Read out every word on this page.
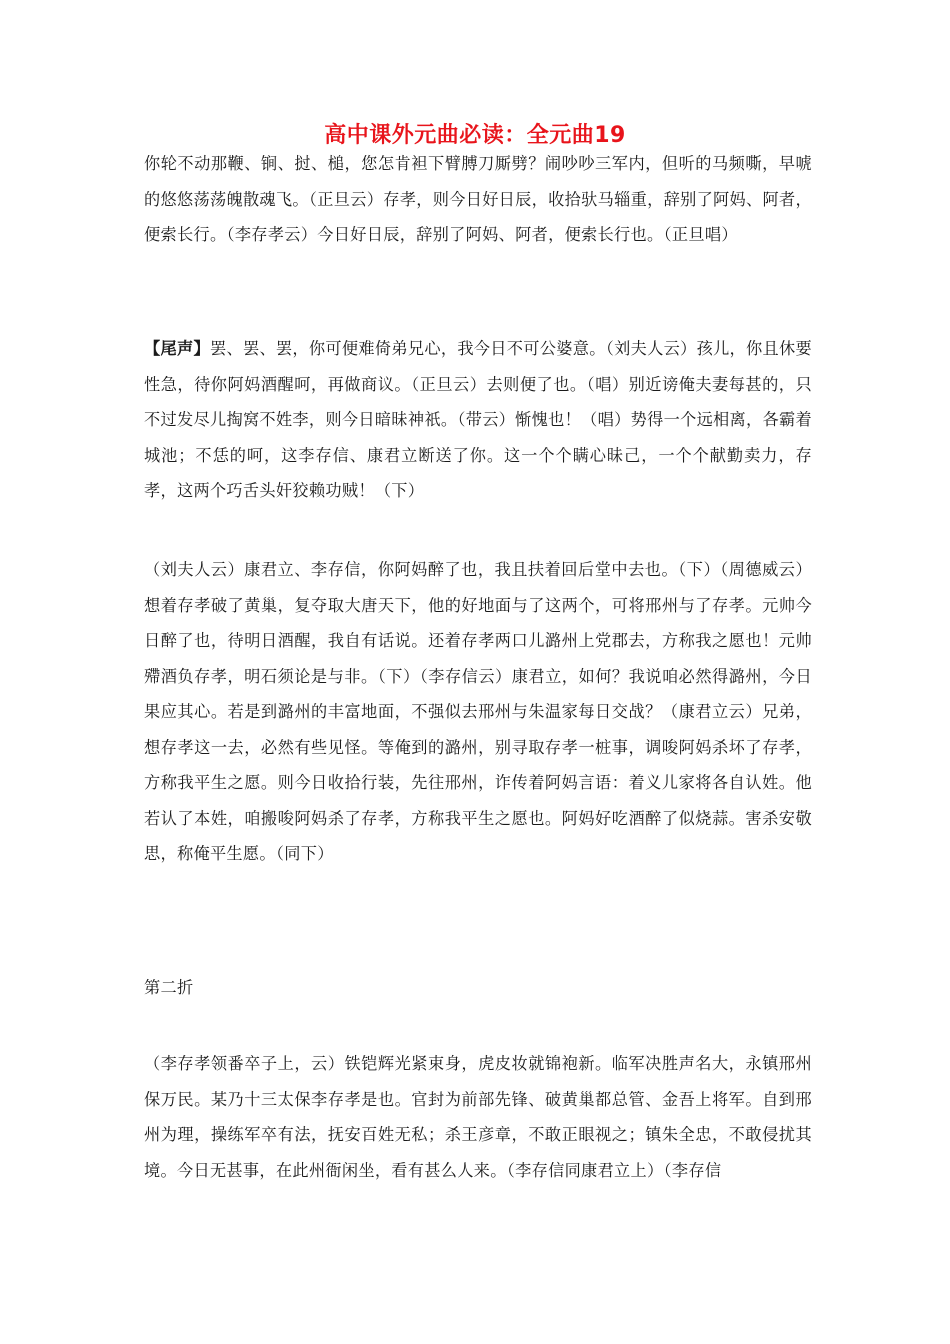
高中课外元曲必读：全元曲19
你轮不动那鞭、锏、挝、槌，您怎肯袒下臂膊刀厮劈？闹吵吵三军内，但听的马频嘶，早唬的悠悠荡荡魄散魂飞。（正旦云）存孝，则今日好日辰，收拾驮马辎重，辞别了阿妈、阿者，便索长行。（李存孝云）今日好日辰，辞别了阿妈、阿者，便索长行也。（正旦唱）
【尾声】罢、罢、罢，你可便难倚弟兄心，我今日不可公婆意。（刘夫人云）孩儿，你且休要性急，待你阿妈酒醒呵，再做商议。（正旦云）去则便了也。（唱）别近谤俺夫妻每甚的，只不过发尽儿掏窝不姓李，则今日暗昧神祇。（带云）惭愧也！（唱）势得一个远相离，各霸着城池；不恁的呵，这李存信、康君立断送了你。这一个个瞒心昧己，一个个献勤卖力，存孝，这两个巧舌头奸狡赖功贼！（下）
（刘夫人云）康君立、李存信，你阿妈醉了也，我且扶着回后堂中去也。（下）（周德威云）想着存孝破了黄巢，复夺取大唐天下，他的好地面与了这两个，可将邢州与了存孝。元帅今日醉了也，待明日酒醒，我自有话说。还着存孝两口儿潞州上党郡去，方称我之愿也！元帅殢酒负存孝，明石须论是与非。（下）（李存信云）康君立，如何？我说咱必然得潞州，今日果应其心。若是到潞州的丰富地面，不强似去邢州与朱温家每日交战？（康君立云）兄弟，想存孝这一去，必然有些见怪。等俺到的潞州，别寻取存孝一桩事，调唆阿妈杀坏了存孝，方称我平生之愿。则今日收拾行装，先往邢州，诈传着阿妈言语：着义儿家将各自认姓。他若认了本姓，咱搬唆阿妈杀了存孝，方称我平生之愿也。阿妈好吃酒醉了似烧蒜。害杀安敬思，称俺平生愿。（同下）
第二折
（李存孝领番卒子上，云）铁铠辉光紧束身，虎皮妆就锦袍新。临军决胜声名大，永镇邢州保万民。某乃十三太保李存孝是也。官封为前部先锋、破黄巢都总管、金吾上将军。自到邢州为理，操练军卒有法，抚安百姓无私；杀王彦章，不敢正眼视之；镇朱全忠，不敢侵扰其境。今日无甚事，在此州衙闲坐，看有甚么人来。（李存信同康君立上）（李存信
